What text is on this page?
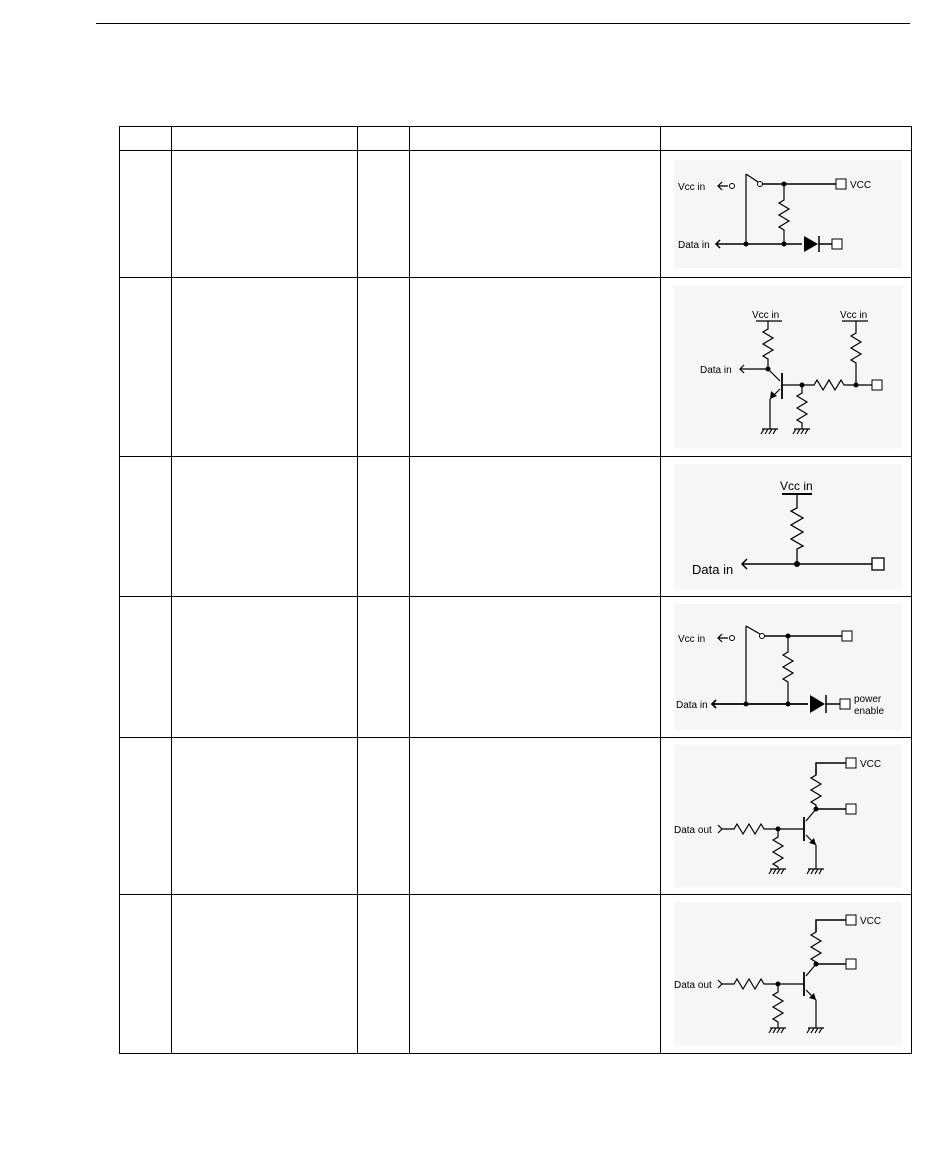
Vcc in VCC
Data in

Vcc in Vcc in
Data in

Vcc in
Data in

Vcc in
Data in
power
enable

VCC
Data out

VCC
Data out
